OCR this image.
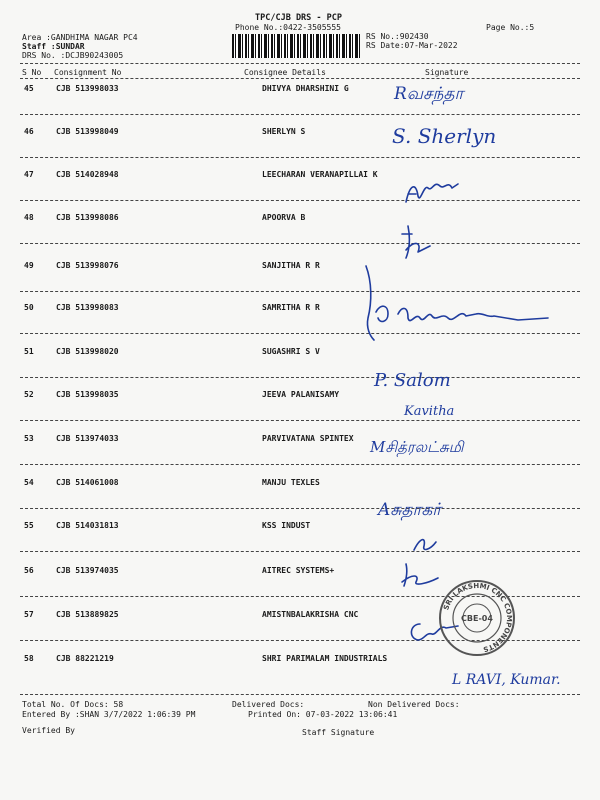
TPC/CJB DRS - PCP
Phone No.:0422-3505555	Page No.:5
Area :GANDHIMA NAGAR PC4
Staff :SUNDAR
DRS No. :DCJB90243005
RS No.:902430
RS Date:07-Mar-2022
S No Consignment No	Consignee Details	Signature
45	CJB 513998033	DHIVYA DHARSHINI G
46	CJB 513998049	SHERLYN S
47	CJB 514028948	LEECHARAN VERANAPILLAI K
48	CJB 513998086	APOORVA B
49	CJB 513998076	SANJITHA R R
50	CJB 513998083	SAMRITHA R R
51	CJB 513998020	SUGASHRI S V
52	CJB 513998035	JEEVA PALANISAMY
53	CJB 513974033	PARVIVATANA SPINTEX
54	CJB 514061008	MANJU TEXLES
55	CJB 514031813	KSS INDUST
56	CJB 513974035	AITREC SYSTEMS+
57	CJB 513889825	AMISTNBALAKRISHA CNC
58	CJB 88221219	SHRI PARIMALAM INDUSTRIALS
Rவசந்தா
S. Sherlyn
P. Salom
Kavitha
Mசித்ரலட்சுமி
Aசுதாகர்
SRI LAKSHMI CNC COMPONENTS
CBE-04
L RAVI, Kumar.
Total No. Of Docs: 58	Delivered Docs:	Non Delivered Docs:
Entered By :SHAN 3/7/2022 1:06:39 PM	Printed On: 07-03-2022 13:06:41
Verified By	Staff Signature
